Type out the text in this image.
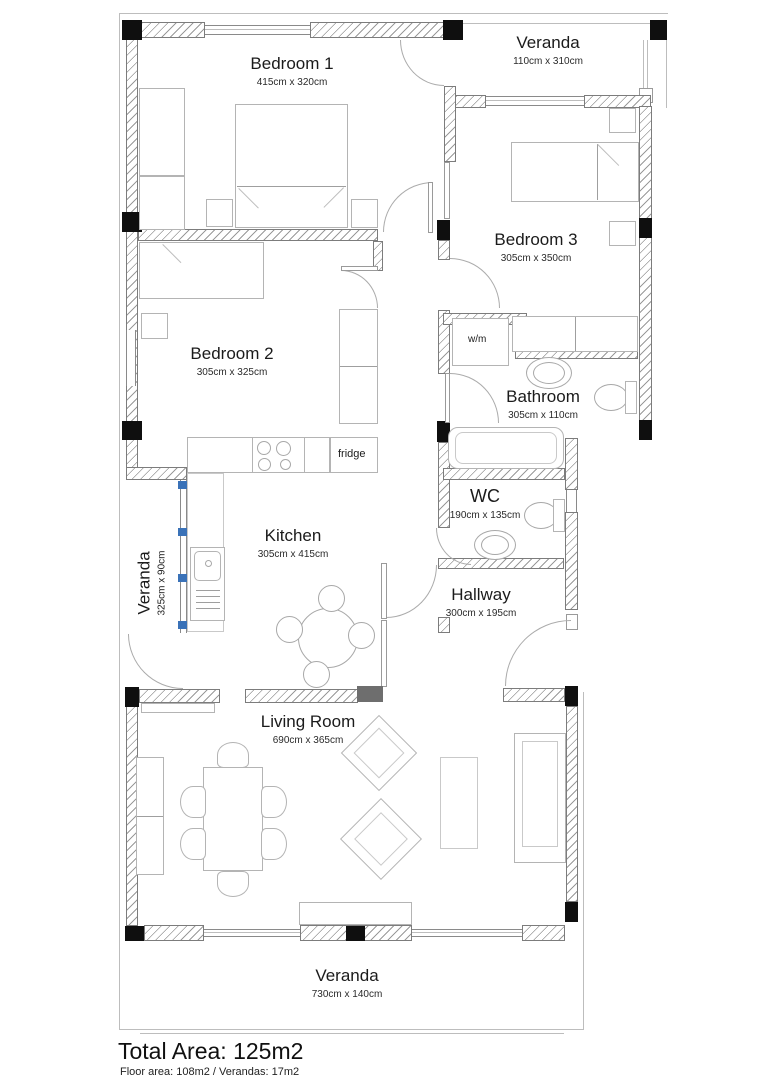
w/m
fridge
Bedroom 1
415cm x 320cm
Veranda
110cm x 310cm
Bedroom 3
305cm x 350cm
Bedroom 2
305cm x 325cm
Bathroom
305cm x 110cm
WC
190cm x 135cm
Kitchen
305cm x 415cm
Hallway
300cm x 195cm
Veranda 325cm x 90cm
Living Room
690cm x 365cm
Veranda
730cm x 140cm
Total Area: 125m2
Floor area: 108m2 / Verandas: 17m2
